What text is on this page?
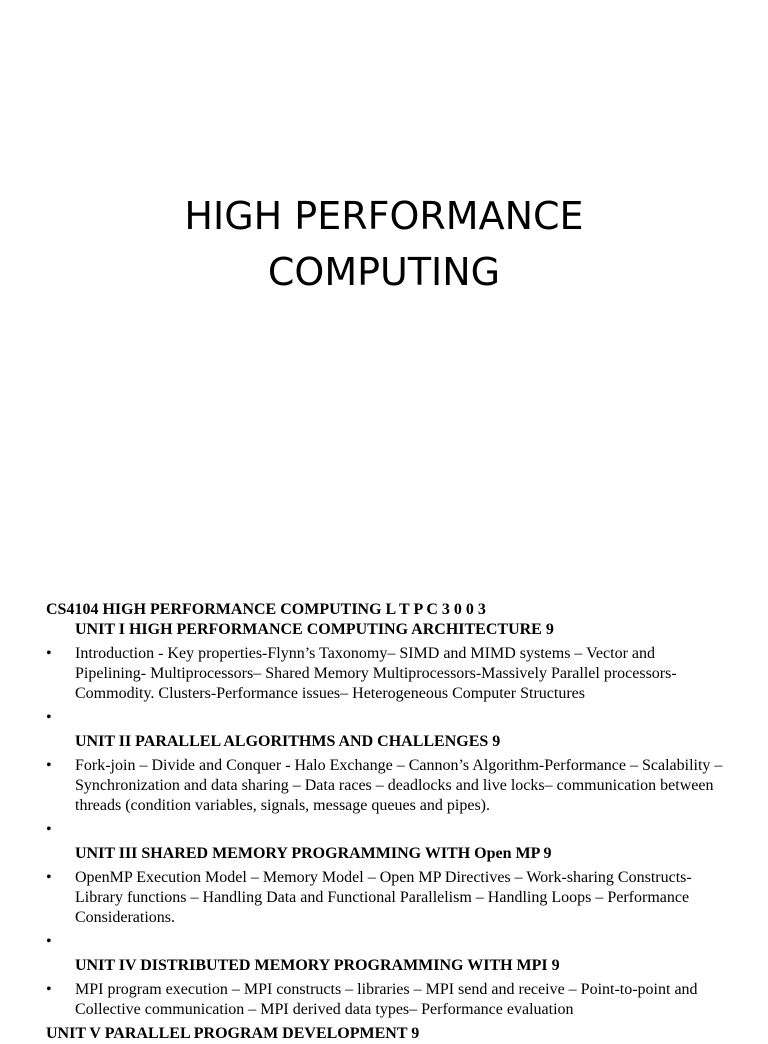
HIGH PERFORMANCE
COMPUTING

CS4104 HIGH PERFORMANCE COMPUTING L T P C 3 0 0 3

UNIT I HIGH PERFORMANCE COMPUTING ARCHITECTURE 9

• Introduction - Key properties-Flynn’s Taxonomy– SIMD and MIMD systems – Vector and Pipelining- Multiprocessors– Shared Memory Multiprocessors-Massively Parallel processors-Commodity. Clusters-Performance issues– Heterogeneous Computer Structures
•

UNIT II PARALLEL ALGORITHMS AND CHALLENGES 9

• Fork-join – Divide and Conquer - Halo Exchange – Cannon’s Algorithm-Performance – Scalability – Synchronization and data sharing – Data races – deadlocks and live locks– communication between threads (condition variables, signals, message queues and pipes).
•

UNIT III SHARED MEMORY PROGRAMMING WITH Open MP 9

• OpenMP Execution Model – Memory Model – Open MP Directives – Work-sharing Constructs- Library functions – Handling Data and Functional Parallelism – Handling Loops – Performance Considerations.
•

UNIT IV DISTRIBUTED MEMORY PROGRAMMING WITH MPI 9

• MPI program execution – MPI constructs – libraries – MPI send and receive – Point-to-point and Collective communication – MPI derived data types– Performance evaluation

UNIT V PARALLEL PROGRAM DEVELOPMENT 9
